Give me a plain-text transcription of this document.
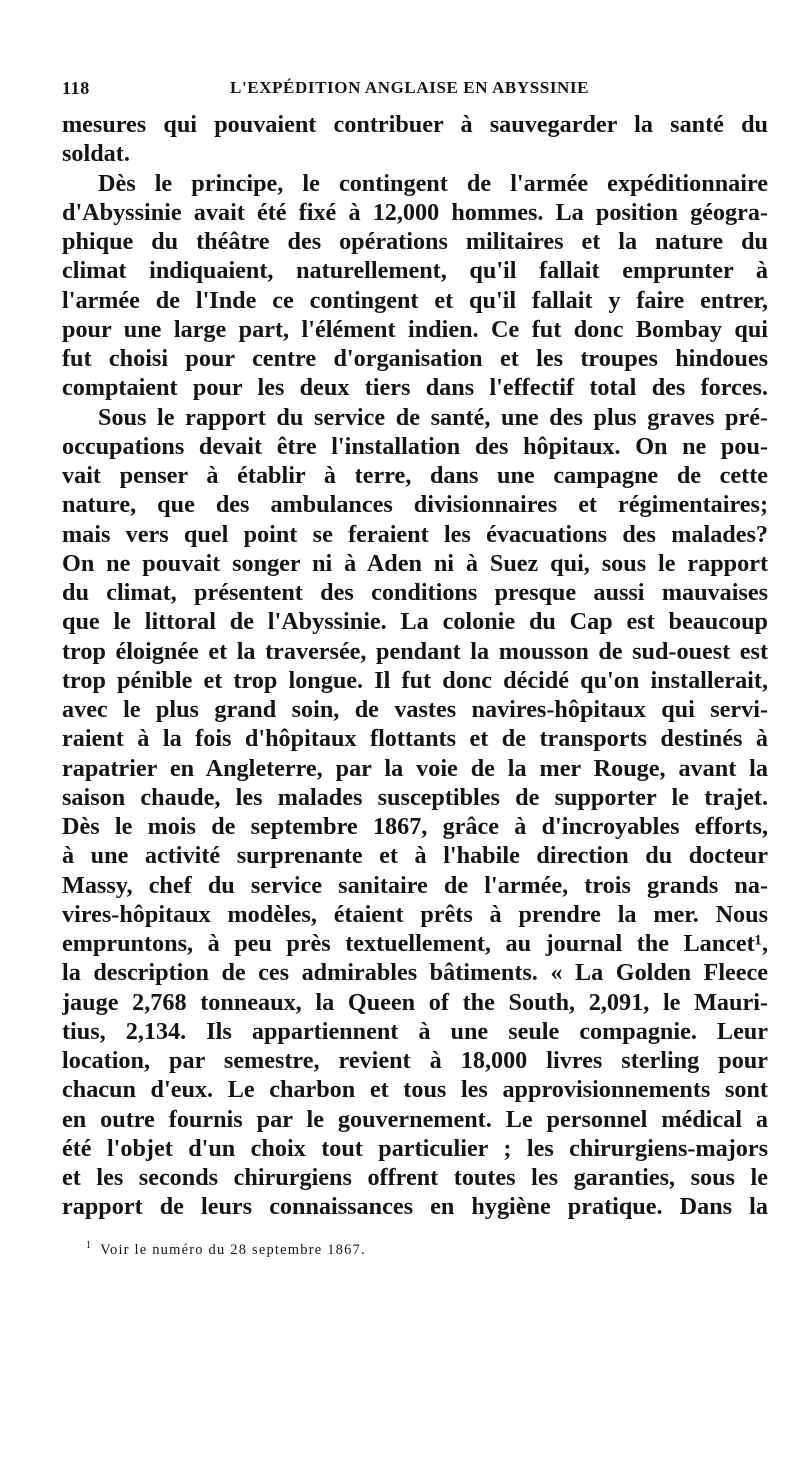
118	L'EXPÉDITION ANGLAISE EN ABYSSINIE
mesures qui pouvaient contribuer à sauvegarder la santé du
soldat.
Dès le principe, le contingent de l'armée expéditionnaire
d'Abyssinie avait été fixé à 12,000 hommes. La position géogra-
phique du théâtre des opérations militaires et la nature du
climat indiquaient, naturellement, qu'il fallait emprunter à
l'armée de l'Inde ce contingent et qu'il fallait y faire entrer,
pour une large part, l'élément indien. Ce fut donc Bombay qui
fut choisi pour centre d'organisation et les troupes hindoues
comptaient pour les deux tiers dans l'effectif total des forces.
Sous le rapport du service de santé, une des plus graves pré-
occupations devait être l'installation des hôpitaux. On ne pou-
vait penser à établir à terre, dans une campagne de cette
nature, que des ambulances divisionnaires et régimentaires;
mais vers quel point se feraient les évacuations des malades?
On ne pouvait songer ni à Aden ni à Suez qui, sous le rapport
du climat, présentent des conditions presque aussi mauvaises
que le littoral de l'Abyssinie. La colonie du Cap est beaucoup
trop éloignée et la traversée, pendant la mousson de sud-ouest est
trop pénible et trop longue. Il fut donc décidé qu'on installerait,
avec le plus grand soin, de vastes navires-hôpitaux qui servi-
raient à la fois d'hôpitaux flottants et de transports destinés à
rapatrier en Angleterre, par la voie de la mer Rouge, avant la
saison chaude, les malades susceptibles de supporter le trajet.
Dès le mois de septembre 1867, grâce à d'incroyables efforts,
à une activité surprenante et à l'habile direction du docteur
Massy, chef du service sanitaire de l'armée, trois grands na-
vires-hôpitaux modèles, étaient prêts à prendre la mer. Nous
empruntons, à peu près textuellement, au journal the Lancet¹,
la description de ces admirables bâtiments. « La Golden Fleece
jauge 2,768 tonneaux, la Queen of the South, 2,091, le Mauri-
tius, 2,134. Ils appartiennent à une seule compagnie. Leur
location, par semestre, revient à 18,000 livres sterling pour
chacun d'eux. Le charbon et tous les approvisionnements sont
en outre fournis par le gouvernement. Le personnel médical a
été l'objet d'un choix tout particulier ; les chirurgiens-majors
et les seconds chirurgiens offrent toutes les garanties, sous le
rapport de leurs connaissances en hygiène pratique. Dans la
$^1$ Voir le numéro du 28 septembre 1867.
